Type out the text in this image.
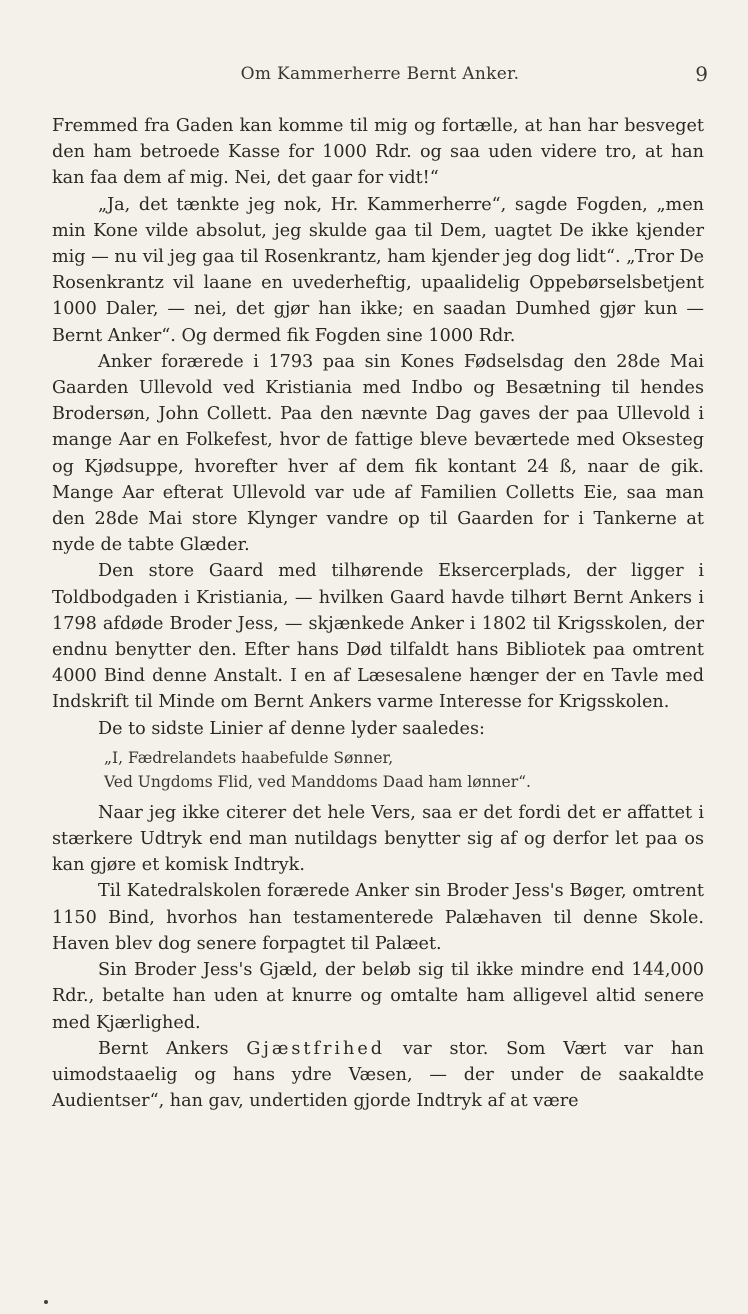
Om Kammerherre Bernt Anker.	9

Fremmed fra Gaden kan komme til mig og fortælle, at han har besveget den ham betroede Kasse for 1000 Rdr. og saa uden videre tro, at han kan faa dem af mig. Nei, det gaar for vidt!“

„Ja, det tænkte jeg nok, Hr. Kammerherre“, sagde Fogden, „men min Kone vilde absolut, jeg skulde gaa til Dem, uagtet De ikke kjender mig — nu vil jeg gaa til Rosenkrantz, ham kjender jeg dog lidt“. „Tror De Rosenkrantz vil laane en uvederheftig, upaalidelig Oppebørselsbetjent 1000 Daler, — nei, det gjør han ikke; en saadan Dumhed gjør kun — Bernt Anker“. Og dermed fik Fogden sine 1000 Rdr.

Anker forærede i 1793 paa sin Kones Fødselsdag den 28de Mai Gaarden Ullevold ved Kristiania med Indbo og Besætning til hendes Brodersøn, John Collett. Paa den nævnte Dag gaves der paa Ullevold i mange Aar en Folkefest, hvor de fattige bleve beværtede med Oksesteg og Kjødsuppe, hvorefter hver af dem fik kontant 24 ß, naar de gik. Mange Aar efterat Ullevold var ude af Familien Colletts Eie, saa man den 28de Mai store Klynger vandre op til Gaarden for i Tankerne at nyde de tabte Glæder.

Den store Gaard med tilhørende Eksercerplads, der ligger i Toldbodgaden i Kristiania, — hvilken Gaard havde tilhørt Bernt Ankers i 1798 afdøde Broder Jess, — skjænkede Anker i 1802 til Krigsskolen, der endnu benytter den. Efter hans Død tilfaldt hans Bibliotek paa omtrent 4000 Bind denne Anstalt. I en af Læsesalene hænger der en Tavle med Indskrift til Minde om Bernt Ankers varme Interesse for Krigsskolen.

De to sidste Linier af denne lyder saaledes:

„I, Fædrelandets haabefulde Sønner,
Ved Ungdoms Flid, ved Manddoms Daad ham lønner“.

Naar jeg ikke citerer det hele Vers, saa er det fordi det er affattet i stærkere Udtryk end man nutildags benytter sig af og derfor let paa os kan gjøre et komisk Indtryk.

Til Katedralskolen forærede Anker sin Broder Jess's Bøger, omtrent 1150 Bind, hvorhos han testamenterede Palæhaven til denne Skole. Haven blev dog senere forpagtet til Palæet.

Sin Broder Jess's Gjæld, der beløb sig til ikke mindre end 144,000 Rdr., betalte han uden at knurre og omtalte ham alligevel altid senere med Kjærlighed.

Bernt Ankers Gjæstfrihed var stor. Som Vært var han uimodstaaelig og hans ydre Væsen, — der under de saakaldte Audientser“, han gav, undertiden gjorde Indtryk af at være
